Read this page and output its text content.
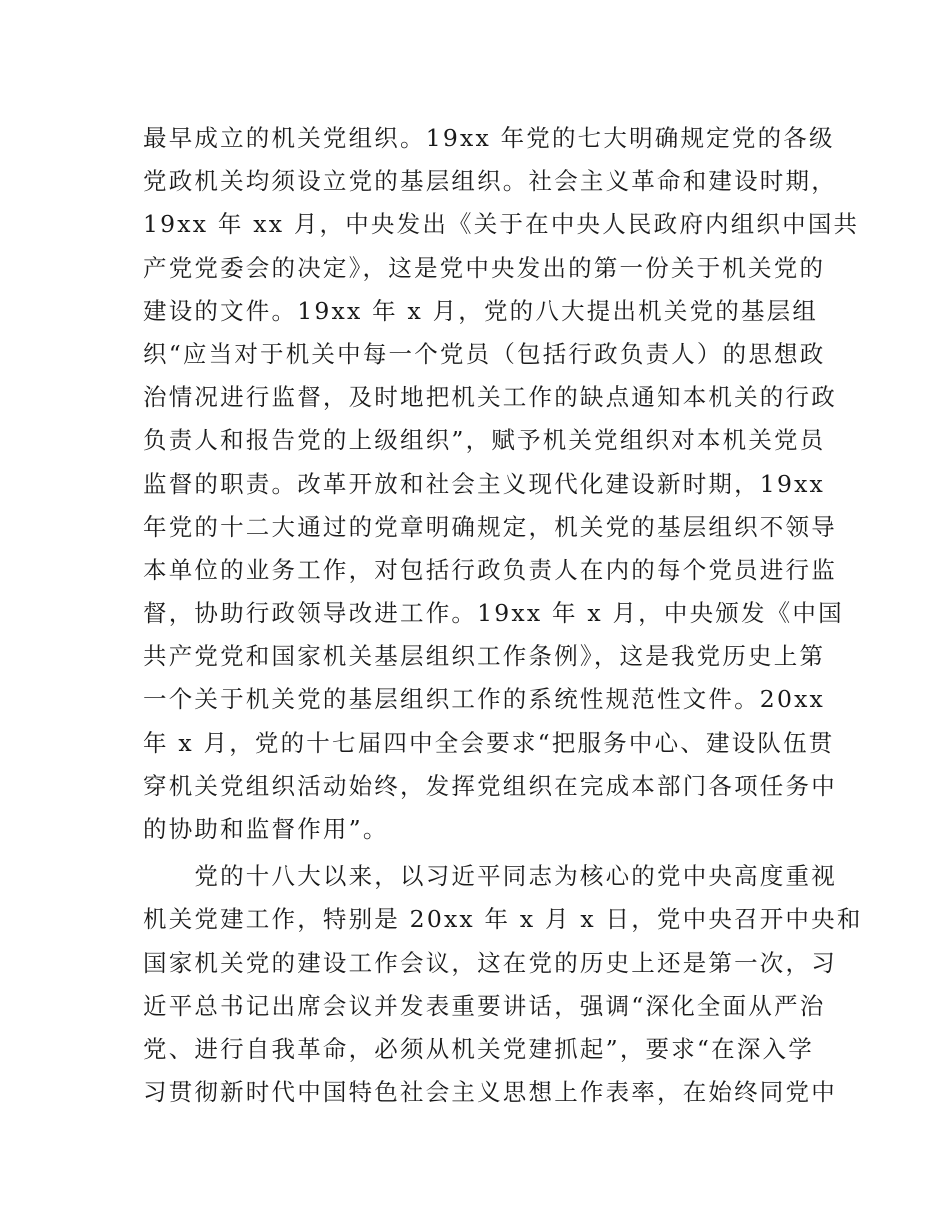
最早成立的机关党组织。19xx 年党的七大明确规定党的各级
党政机关均须设立党的基层组织。社会主义革命和建设时期，
19xx 年 xx 月，中央发出《关于在中央人民政府内组织中国共
产党党委会的决定》，这是党中央发出的第一份关于机关党的
建设的文件。19xx 年 x 月，党的八大提出机关党的基层组
织“应当对于机关中每一个党员（包括行政负责人）的思想政
治情况进行监督，及时地把机关工作的缺点通知本机关的行政
负责人和报告党的上级组织”，赋予机关党组织对本机关党员
监督的职责。改革开放和社会主义现代化建设新时期，19xx
年党的十二大通过的党章明确规定，机关党的基层组织不领导
本单位的业务工作，对包括行政负责人在内的每个党员进行监
督，协助行政领导改进工作。19xx 年 x 月，中央颁发《中国
共产党党和国家机关基层组织工作条例》，这是我党历史上第
一个关于机关党的基层组织工作的系统性规范性文件。20xx
年 x 月，党的十七届四中全会要求“把服务中心、建设队伍贯
穿机关党组织活动始终，发挥党组织在完成本部门各项任务中
的协助和监督作用”。
　　党的十八大以来，以习近平同志为核心的党中央高度重视
机关党建工作，特别是 20xx 年 x 月 x 日，党中央召开中央和
国家机关党的建设工作会议，这在党的历史上还是第一次，习
近平总书记出席会议并发表重要讲话，强调“深化全面从严治
党、进行自我革命，必须从机关党建抓起”，要求“在深入学
习贯彻新时代中国特色社会主义思想上作表率，在始终同党中
